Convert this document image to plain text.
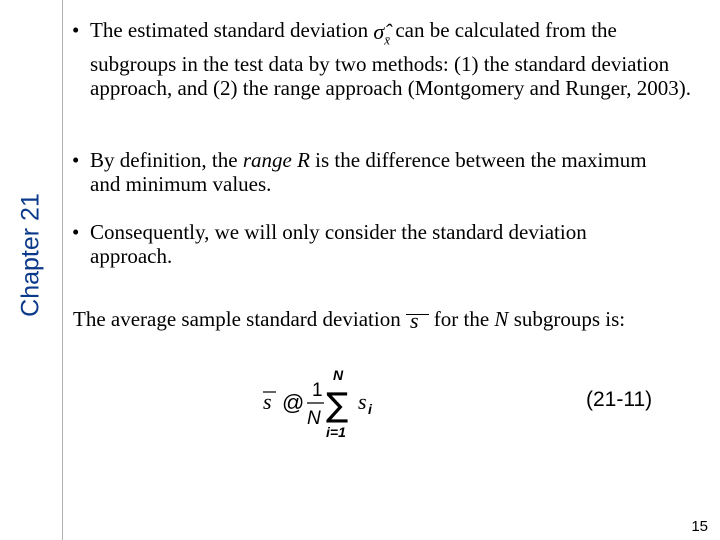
Chapter 21
• The estimated standard deviation $\sigmâ_{x̄}$ can be calculated from the subgroups in the test data by two methods: (1) the standard deviation approach, and (2) the range approach (Montgomery and Runger, 2003).
• By definition, the range R is the difference between the maximum and minimum values.
• Consequently, we will only consider the standard deviation approach.
The average sample standard deviation
s for the N subgroups is:
s @ 1
N
N
∑
i=1
s i	(21-11)
15
